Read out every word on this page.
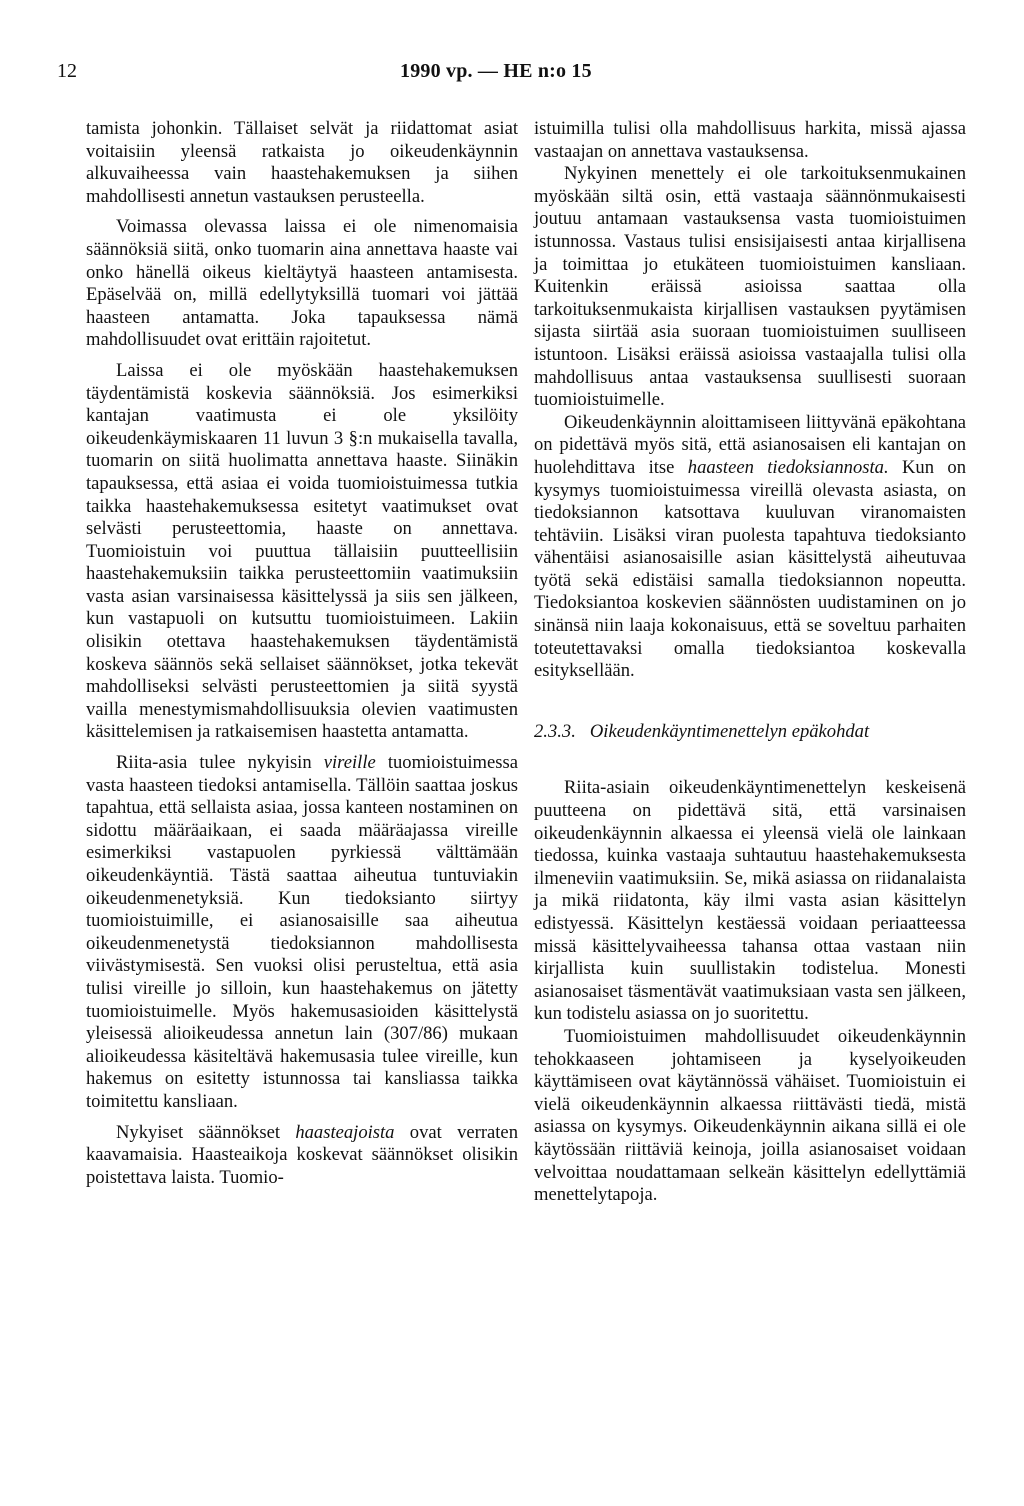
12	1990 vp. — HE n:o 15

tamista johonkin. Tällaiset selvät ja riidattomat asiat voitaisiin yleensä ratkaista jo oikeudenkäynnin alkuvaiheessa vain haastehakemuksen ja siihen mahdollisesti annetun vastauksen perusteella.

Voimassa olevassa laissa ei ole nimenomaisia säännöksiä siitä, onko tuomarin aina annettava haaste vai onko hänellä oikeus kieltäytyä haasteen antamisesta. Epäselvää on, millä edellytyksillä tuomari voi jättää haasteen antamatta. Joka tapauksessa nämä mahdollisuudet ovat erittäin rajoitetut.

Laissa ei ole myöskään haastehakemuksen täydentämistä koskevia säännöksiä. Jos esimerkiksi kantajan vaatimusta ei ole yksilöity oikeudenkäymiskaaren 11 luvun 3 §:n mukaisella tavalla, tuomarin on siitä huolimatta annettava haaste. Siinäkin tapauksessa, että asiaa ei voida tuomioistuimessa tutkia taikka haastehakemuksessa esitetyt vaatimukset ovat selvästi perusteettomia, haaste on annettava. Tuomioistuin voi puuttua tällaisiin puutteellisiin haastehakemuksiin taikka perusteettomiin vaatimuksiin vasta asian varsinaisessa käsittelyssä ja siis sen jälkeen, kun vastapuoli on kutsuttu tuomioistuimeen. Lakiin olisikin otettava haastehakemuksen täydentämistä koskeva säännös sekä sellaiset säännökset, jotka tekevät mahdolliseksi selvästi perusteettomien ja siitä syystä vailla menestymismahdollisuuksia olevien vaatimusten käsittelemisen ja ratkaisemisen haastetta antamatta.

Riita-asia tulee nykyisin vireille tuomioistuimessa vasta haasteen tiedoksi antamisella. Tällöin saattaa joskus tapahtua, että sellaista asiaa, jossa kanteen nostaminen on sidottu määräaikaan, ei saada määräajassa vireille esimerkiksi vastapuolen pyrkiessä välttämään oikeudenkäyntiä. Tästä saattaa aiheutua tuntuviakin oikeudenmenetyksiä. Kun tiedoksianto siirtyy tuomioistuimille, ei asianosaisille saa aiheutua oikeudenmenetystä tiedoksiannon mahdollisesta viivästymisestä. Sen vuoksi olisi perusteltua, että asia tulisi vireille jo silloin, kun haastehakemus on jätetty tuomioistuimelle. Myös hakemusasioiden käsittelystä yleisessä alioikeudessa annetun lain (307/86) mukaan alioikeudessa käsiteltävä hakemusasia tulee vireille, kun hakemus on esitetty istunnossa tai kansliassa taikka toimitettu kansliaan.

Nykyiset säännökset haasteajoista ovat verraten kaavamaisia. Haasteaikoja koskevat säännökset olisikin poistettava laista. Tuomio-

istuimilla tulisi olla mahdollisuus harkita, missä ajassa vastaajan on annettava vastauksensa.

Nykyinen menettely ei ole tarkoituksenmukainen myöskään siltä osin, että vastaaja säännönmukaisesti joutuu antamaan vastauksensa vasta tuomioistuimen istunnossa. Vastaus tulisi ensisijaisesti antaa kirjallisena ja toimittaa jo etukäteen tuomioistuimen kansliaan. Kuitenkin eräissä asioissa saattaa olla tarkoituksenmukaista kirjallisen vastauksen pyytämisen sijasta siirtää asia suoraan tuomioistuimen suulliseen istuntoon. Lisäksi eräissä asioissa vastaajalla tulisi olla mahdollisuus antaa vastauksensa suullisesti suoraan tuomioistuimelle.

Oikeudenkäynnin aloittamiseen liittyvänä epäkohtana on pidettävä myös sitä, että asianosaisen eli kantajan on huolehdittava itse haasteen tiedoksiannosta. Kun on kysymys tuomioistuimessa vireillä olevasta asiasta, on tiedoksiannon katsottava kuuluvan viranomaisten tehtäviin. Lisäksi viran puolesta tapahtuva tiedoksianto vähentäisi asianosaisille asian käsittelystä aiheutuvaa työtä sekä edistäisi samalla tiedoksiannon nopeutta. Tiedoksiantoa koskevien säännösten uudistaminen on jo sinänsä niin laaja kokonaisuus, että se soveltuu parhaiten toteutettavaksi omalla tiedoksiantoa koskevalla esityksellään.

2.3.3. Oikeudenkäyntimenettelyn epäkohdat

Riita-asiain oikeudenkäyntimenettelyn keskeisenä puutteena on pidettävä sitä, että varsinaisen oikeudenkäynnin alkaessa ei yleensä vielä ole lainkaan tiedossa, kuinka vastaaja suhtautuu haastehakemuksesta ilmeneviin vaatimuksiin. Se, mikä asiassa on riidanalaista ja mikä riidatonta, käy ilmi vasta asian käsittelyn edistyessä. Käsittelyn kestäessä voidaan periaatteessa missä käsittelyvaiheessa tahansa ottaa vastaan niin kirjallista kuin suullistakin todistelua. Monesti asianosaiset täsmentävät vaatimuksiaan vasta sen jälkeen, kun todistelu asiassa on jo suoritettu.

Tuomioistuimen mahdollisuudet oikeudenkäynnin tehokkaaseen johtamiseen ja kyselyoikeuden käyttämiseen ovat käytännössä vähäiset. Tuomioistuin ei vielä oikeudenkäynnin alkaessa riittävästi tiedä, mistä asiassa on kysymys. Oikeudenkäynnin aikana sillä ei ole käytössään riittäviä keinoja, joilla asianosaiset voidaan velvoittaa noudattamaan selkeän käsittelyn edellyttämiä menettelytapoja.
